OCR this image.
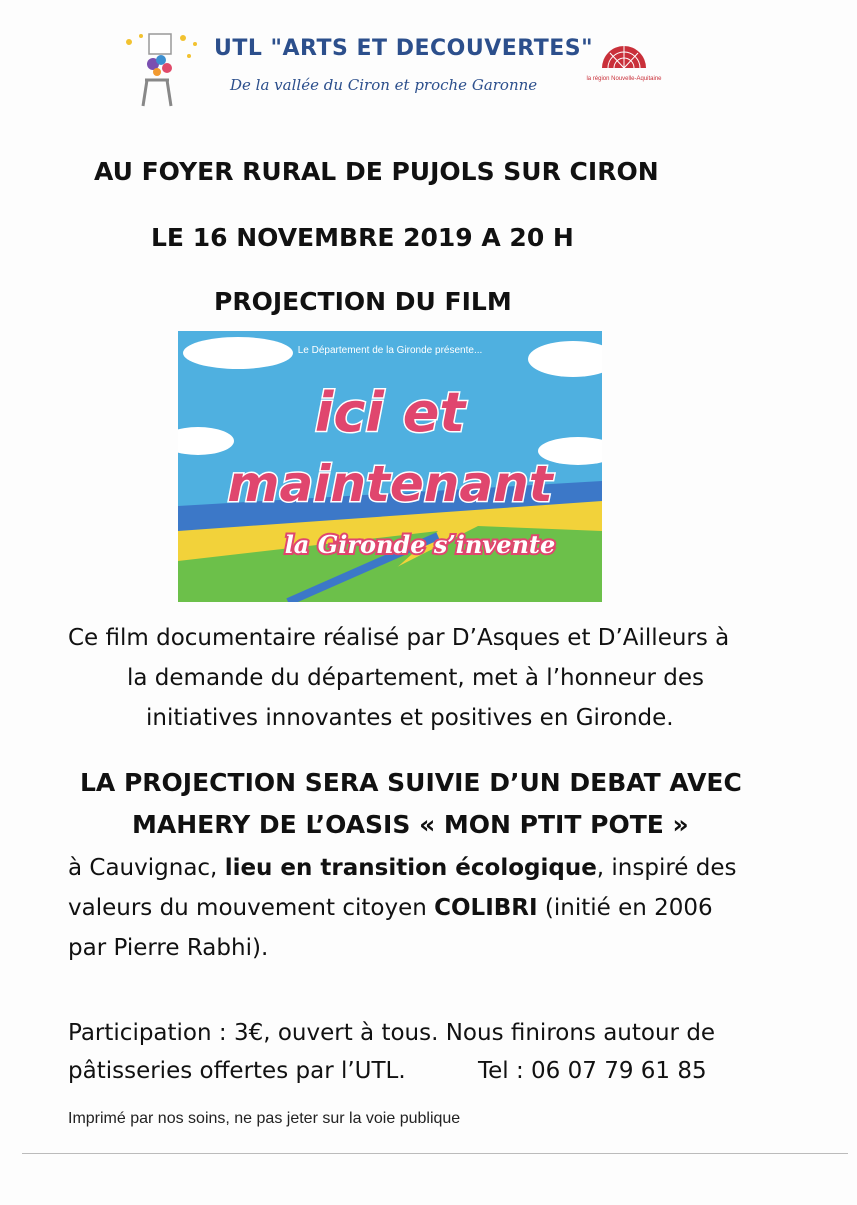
UTL "ARTS ET DECOUVERTES"
De la vallée du Ciron et proche Garonne	la région Nouvelle-Aquitaine
AU FOYER RURAL DE PUJOLS SUR CIRON
LE 16 NOVEMBRE 2019 A 20 H
PROJECTION DU FILM
Le Département de la Gironde présente...
ici et
maintenant
la Gironde s’invente
Ce film documentaire réalisé par D’Asques et D’Ailleurs à
la demande du département, met à l’honneur des
initiatives innovantes et positives en Gironde.
LA PROJECTION SERA SUIVIE D’UN DEBAT AVEC
MAHERY DE L’OASIS « MON PTIT POTE »
à Cauvignac, lieu en transition écologique, inspiré des
valeurs du mouvement citoyen COLIBRI (initié en 2006
par Pierre Rabhi).
Participation : 3€, ouvert à tous. Nous finirons autour de
pâtisseries offertes par l’UTL.	Tel : 06 07 79 61 85
Imprimé par nos soins, ne pas jeter sur la voie publique
